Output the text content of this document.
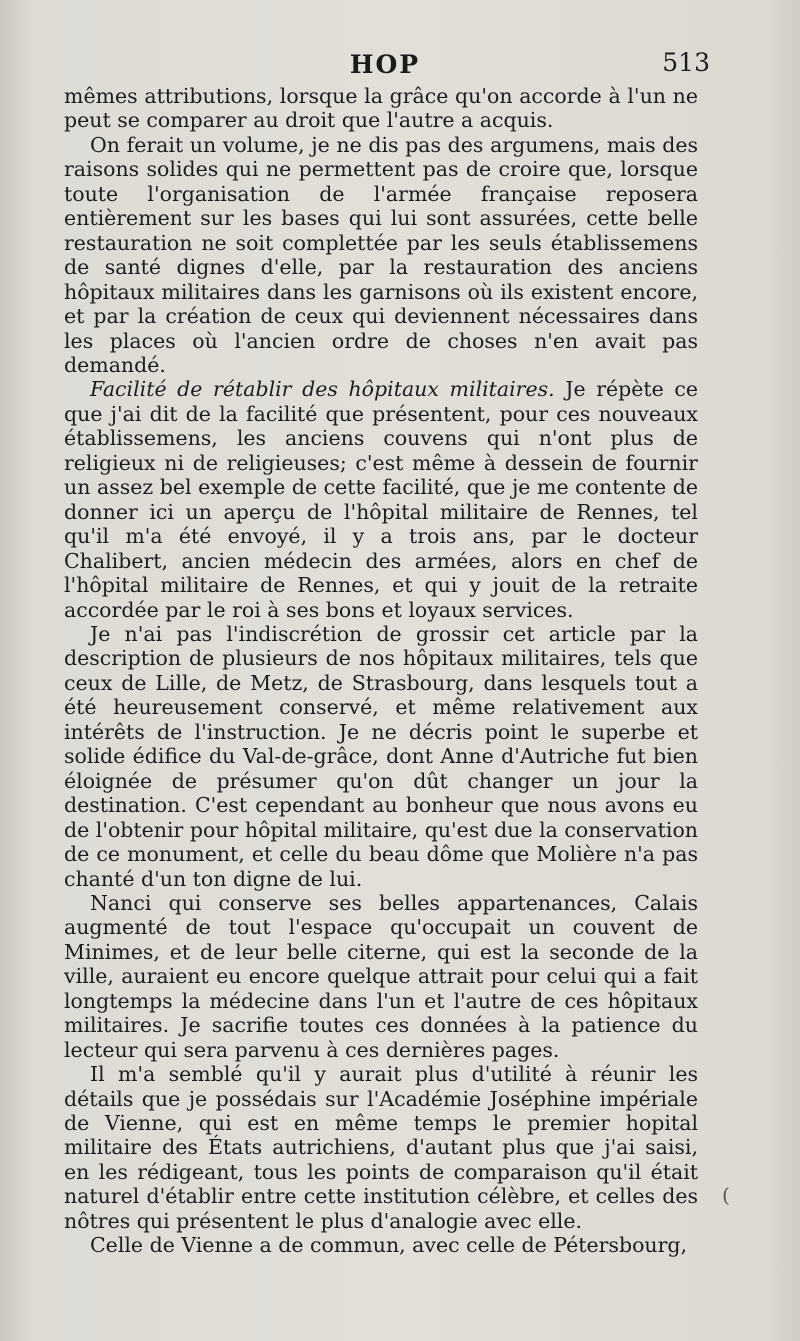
HOP	513

mêmes attributions, lorsque la grâce qu'on accorde à l'un ne peut se comparer au droit que l'autre a acquis.

On ferait un volume, je ne dis pas des argumens, mais des raisons solides qui ne permettent pas de croire que, lorsque toute l'organisation de l'armée française reposera entièrement sur les bases qui lui sont assurées, cette belle restauration ne soit complettée par les seuls établissemens de santé dignes d'elle, par la restauration des anciens hôpitaux militaires dans les garnisons où ils existent encore, et par la création de ceux qui deviennent nécessaires dans les places où l'ancien ordre de choses n'en avait pas demandé.

Facilité de rétablir des hôpitaux militaires. Je répète ce que j'ai dit de la facilité que présentent, pour ces nouveaux établissemens, les anciens couvens qui n'ont plus de religieux ni de religieuses; c'est même à dessein de fournir un assez bel exemple de cette facilité, que je me contente de donner ici un aperçu de l'hôpital militaire de Rennes, tel qu'il m'a été envoyé, il y a trois ans, par le docteur Chalibert, ancien médecin des armées, alors en chef de l'hôpital militaire de Rennes, et qui y jouit de la retraite accordée par le roi à ses bons et loyaux services.

Je n'ai pas l'indiscrétion de grossir cet article par la description de plusieurs de nos hôpitaux militaires, tels que ceux de Lille, de Metz, de Strasbourg, dans lesquels tout a été heureusement conservé, et même relativement aux intérêts de l'instruction. Je ne décris point le superbe et solide édifice du Val-de-grâce, dont Anne d'Autriche fut bien éloignée de présumer qu'on dût changer un jour la destination. C'est cependant au bonheur que nous avons eu de l'obtenir pour hôpital militaire, qu'est due la conservation de ce monument, et celle du beau dôme que Molière n'a pas chanté d'un ton digne de lui.

Nanci qui conserve ses belles appartenances, Calais augmenté de tout l'espace qu'occupait un couvent de Minimes, et de leur belle citerne, qui est la seconde de la ville, auraient eu encore quelque attrait pour celui qui a fait longtemps la médecine dans l'un et l'autre de ces hôpitaux militaires. Je sacrifie toutes ces données à la patience du lecteur qui sera parvenu à ces dernières pages.

Il m'a semblé qu'il y aurait plus d'utilité à réunir les détails que je possédais sur l'Académie Joséphine impériale de Vienne, qui est en même temps le premier hopital militaire des États autrichiens, d'autant plus que j'ai saisi, en les rédigeant, tous les points de comparaison qu'il était naturel d'établir entre cette institution célèbre, et celles des nôtres qui présentent le plus d'analogie avec elle.

Celle de Vienne a de commun, avec celle de Pétersbourg,

(
